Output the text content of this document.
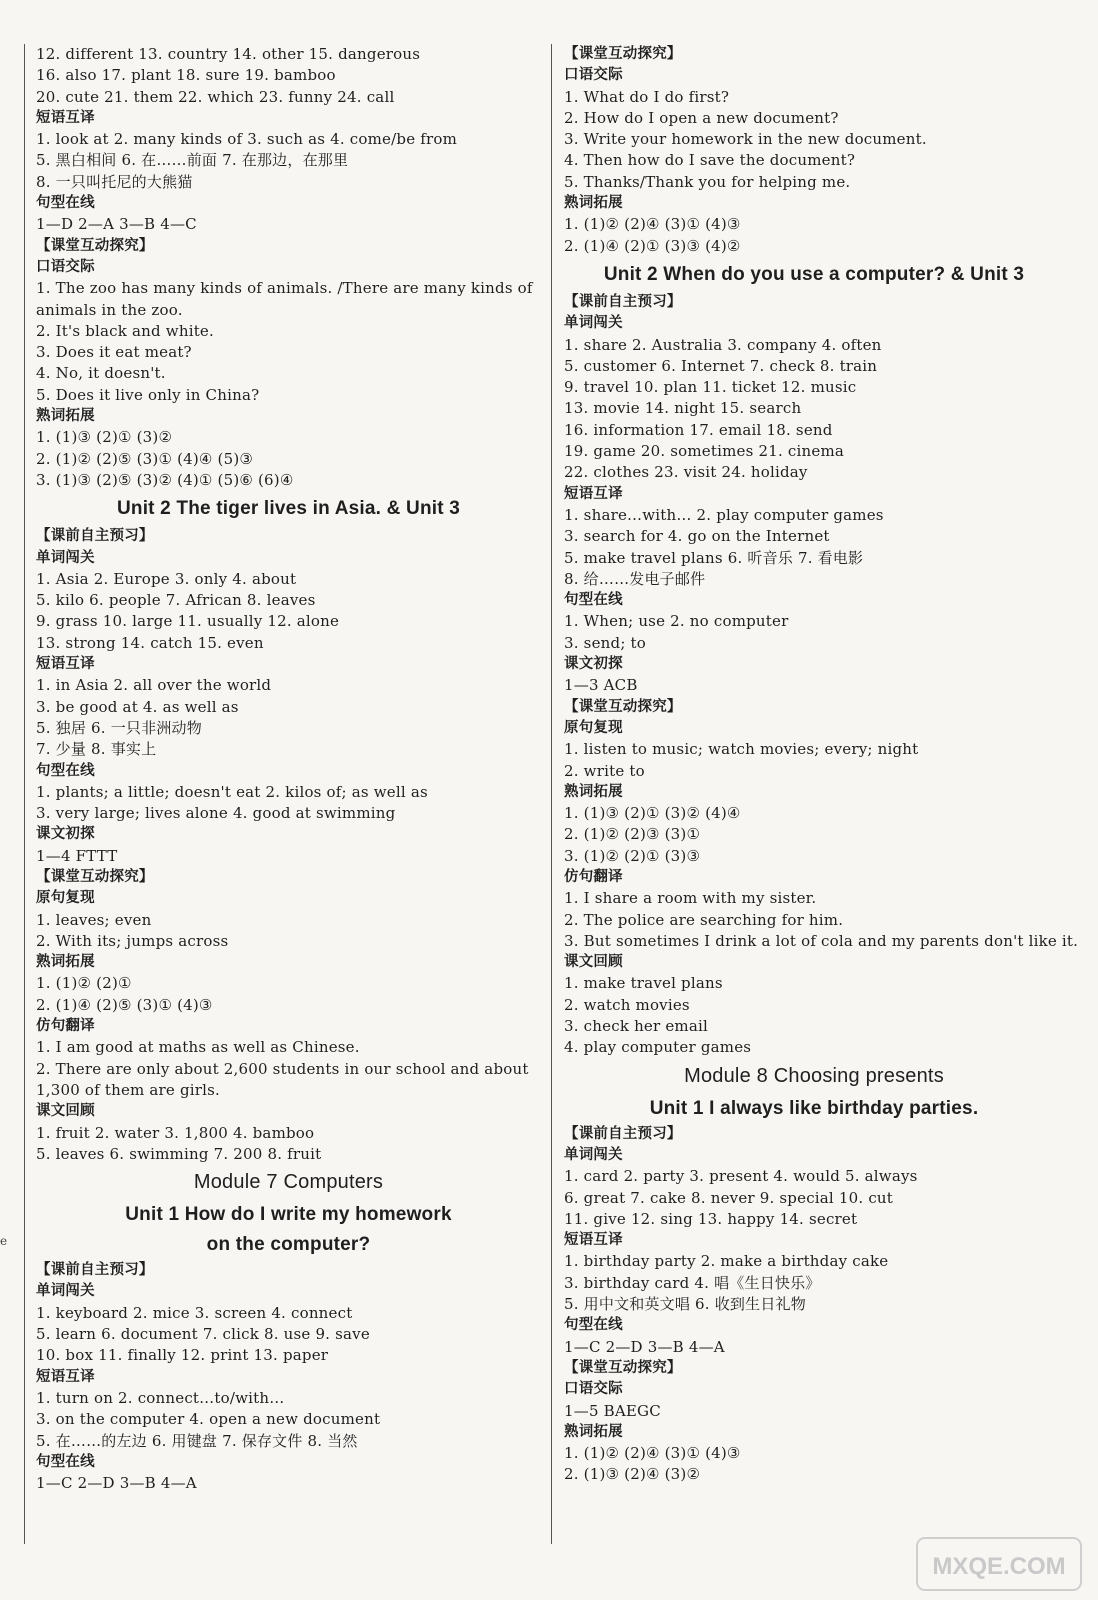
e
12. different 13. country 14. other 15. dangerous
16. also 17. plant 18. sure 19. bamboo
20. cute 21. them 22. which 23. funny 24. call
短语互译
1. look at 2. many kinds of 3. such as 4. come/be from
5. 黑白相间 6. 在……前面 7. 在那边，在那里
8. 一只叫托尼的大熊猫
句型在线
1—D 2—A 3—B 4—C
【课堂互动探究】
口语交际
1. The zoo has many kinds of animals. /There are many kinds of
animals in the zoo.
2. It's black and white.
3. Does it eat meat?
4. No, it doesn't.
5. Does it live only in China?
熟词拓展
1. (1)③ (2)① (3)②
2. (1)② (2)⑤ (3)① (4)④ (5)③
3. (1)③ (2)⑤ (3)② (4)① (5)⑥ (6)④
Unit 2 The tiger lives in Asia. & Unit 3
【课前自主预习】
单词闯关
1. Asia 2. Europe 3. only 4. about
5. kilo 6. people 7. African 8. leaves
9. grass 10. large 11. usually 12. alone
13. strong 14. catch 15. even
短语互译
1. in Asia 2. all over the world
3. be good at 4. as well as
5. 独居 6. 一只非洲动物
7. 少量 8. 事实上
句型在线
1. plants; a little; doesn't eat 2. kilos of; as well as
3. very large; lives alone 4. good at swimming
课文初探
1—4 FTTT
【课堂互动探究】
原句复现
1. leaves; even
2. With its; jumps across
熟词拓展
1. (1)② (2)①
2. (1)④ (2)⑤ (3)① (4)③
仿句翻译
1. I am good at maths as well as Chinese.
2. There are only about 2,600 students in our school and about
1,300 of them are girls.
课文回顾
1. fruit 2. water 3. 1,800 4. bamboo
5. leaves 6. swimming 7. 200 8. fruit
Module 7 Computers
Unit 1 How do I write my homework
on the computer?
【课前自主预习】
单词闯关
1. keyboard 2. mice 3. screen 4. connect
5. learn 6. document 7. click 8. use 9. save
10. box 11. finally 12. print 13. paper
短语互译
1. turn on 2. connect…to/with…
3. on the computer 4. open a new document
5. 在……的左边 6. 用键盘 7. 保存文件 8. 当然
句型在线
1—C 2—D 3—B 4—A
【课堂互动探究】
口语交际
1. What do I do first?
2. How do I open a new document?
3. Write your homework in the new document.
4. Then how do I save the document?
5. Thanks/Thank you for helping me.
熟词拓展
1. (1)② (2)④ (3)① (4)③
2. (1)④ (2)① (3)③ (4)②
Unit 2 When do you use a computer? & Unit 3
【课前自主预习】
单词闯关
1. share 2. Australia 3. company 4. often
5. customer 6. Internet 7. check 8. train
9. travel 10. plan 11. ticket 12. music
13. movie 14. night 15. search
16. information 17. email 18. send
19. game 20. sometimes 21. cinema
22. clothes 23. visit 24. holiday
短语互译
1. share…with… 2. play computer games
3. search for 4. go on the Internet
5. make travel plans 6. 听音乐 7. 看电影
8. 给……发电子邮件
句型在线
1. When; use 2. no computer
3. send; to
课文初探
1—3 ACB
【课堂互动探究】
原句复现
1. listen to music; watch movies; every; night
2. write to
熟词拓展
1. (1)③ (2)① (3)② (4)④
2. (1)② (2)③ (3)①
3. (1)② (2)① (3)③
仿句翻译
1. I share a room with my sister.
2. The police are searching for him.
3. But sometimes I drink a lot of cola and my parents don't like it.
课文回顾
1. make travel plans
2. watch movies
3. check her email
4. play computer games
Module 8 Choosing presents
Unit 1 I always like birthday parties.
【课前自主预习】
单词闯关
1. card 2. party 3. present 4. would 5. always
6. great 7. cake 8. never 9. special 10. cut
11. give 12. sing 13. happy 14. secret
短语互译
1. birthday party 2. make a birthday cake
3. birthday card 4. 唱《生日快乐》
5. 用中文和英文唱 6. 收到生日礼物
句型在线
1—C 2—D 3—B 4—A
【课堂互动探究】
口语交际
1—5 BAEGC
熟词拓展
1. (1)② (2)④ (3)① (4)③
2. (1)③ (2)④ (3)②
MXQE.COM
